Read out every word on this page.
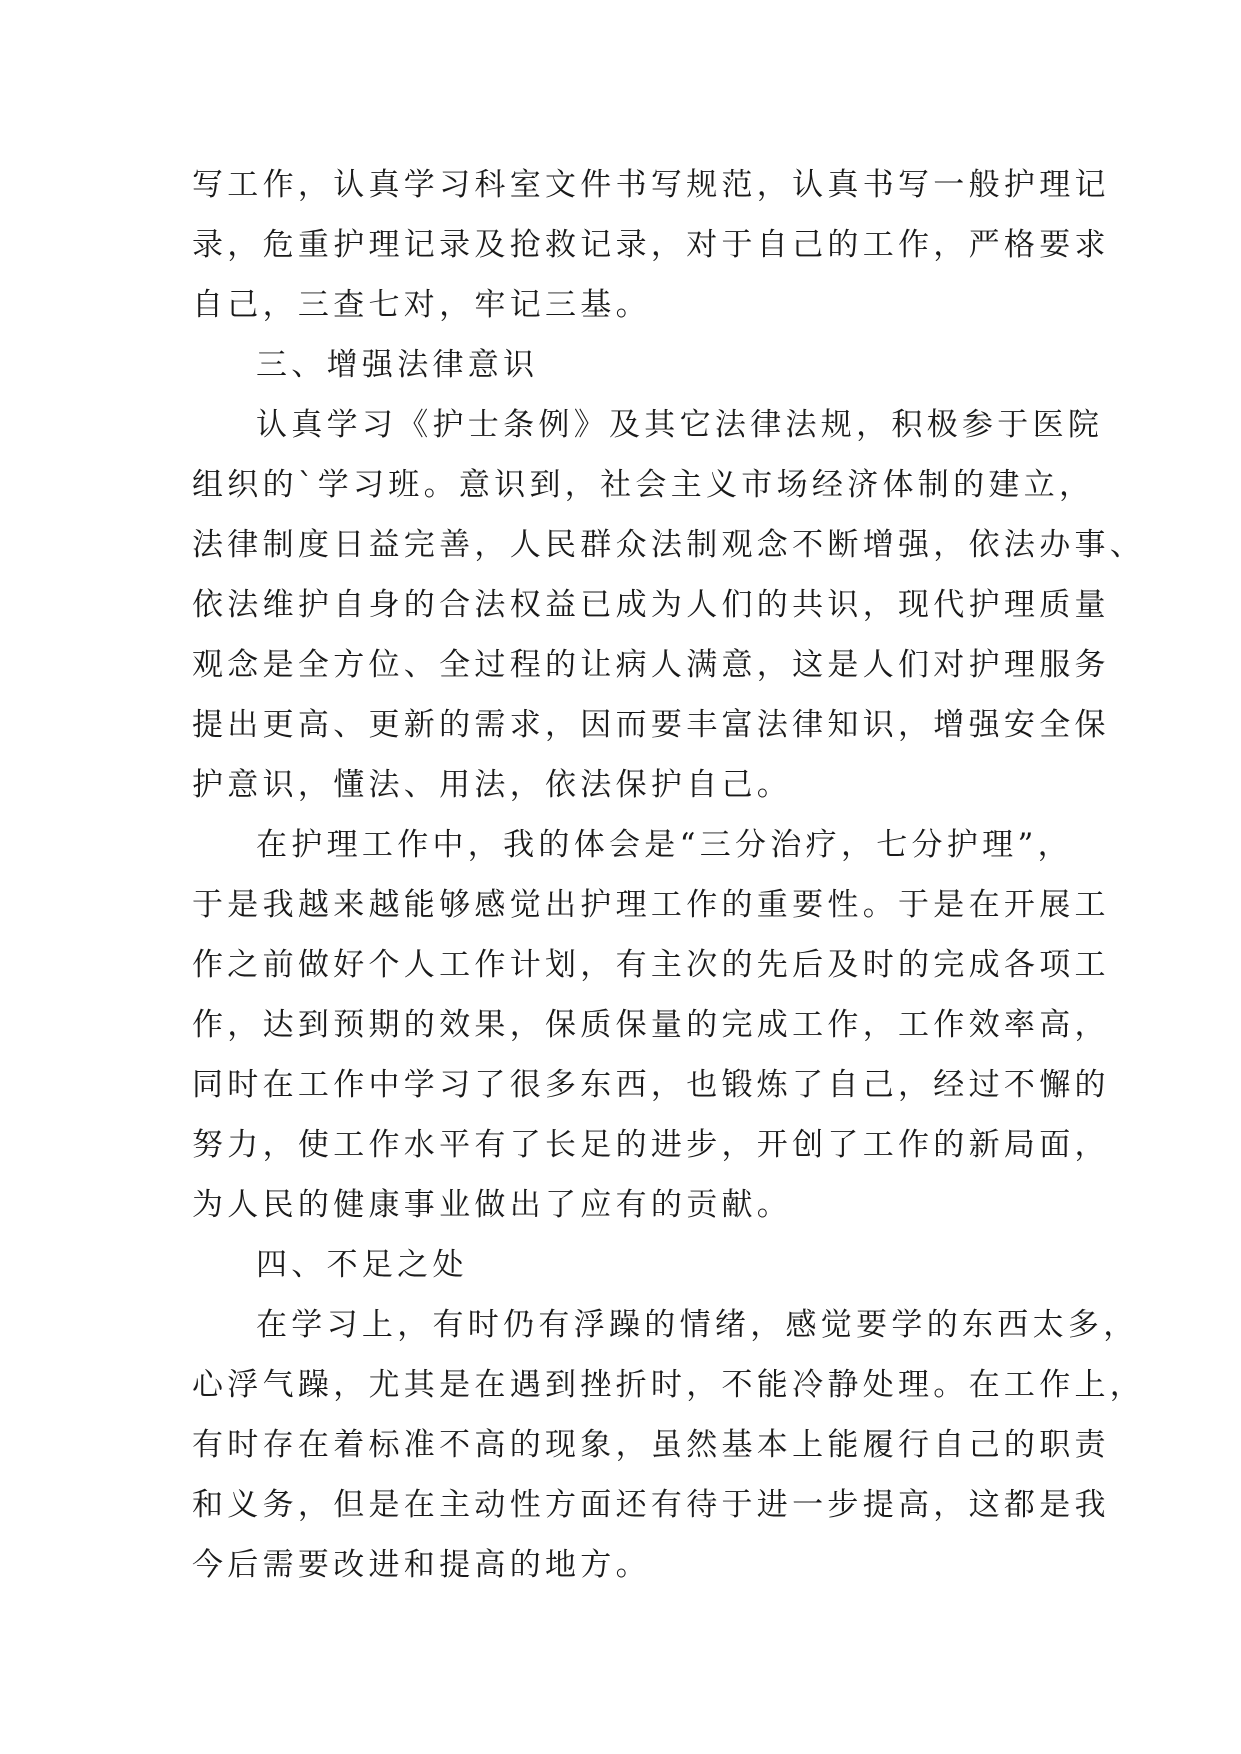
写工作，认真学习科室文件书写规范，认真书写一般护理记
录，危重护理记录及抢救记录，对于自己的工作，严格要求
自己，三查七对，牢记三基。
三、增强法律意识
认真学习《护士条例》及其它法律法规，积极参于医院
组织的`学习班。意识到，社会主义市场经济体制的建立，
法律制度日益完善，人民群众法制观念不断增强，依法办事、
依法维护自身的合法权益已成为人们的共识，现代护理质量
观念是全方位、全过程的让病人满意，这是人们对护理服务
提出更高、更新的需求，因而要丰富法律知识，增强安全保
护意识，懂法、用法，依法保护自己。
在护理工作中，我的体会是“三分治疗，七分护理”，
于是我越来越能够感觉出护理工作的重要性。于是在开展工
作之前做好个人工作计划，有主次的先后及时的完成各项工
作，达到预期的效果，保质保量的完成工作，工作效率高，
同时在工作中学习了很多东西，也锻炼了自己，经过不懈的
努力，使工作水平有了长足的进步，开创了工作的新局面，
为人民的健康事业做出了应有的贡献。
四、不足之处
在学习上，有时仍有浮躁的情绪，感觉要学的东西太多，
心浮气躁，尤其是在遇到挫折时，不能冷静处理。在工作上，
有时存在着标准不高的现象，虽然基本上能履行自己的职责
和义务，但是在主动性方面还有待于进一步提高，这都是我
今后需要改进和提高的地方。
